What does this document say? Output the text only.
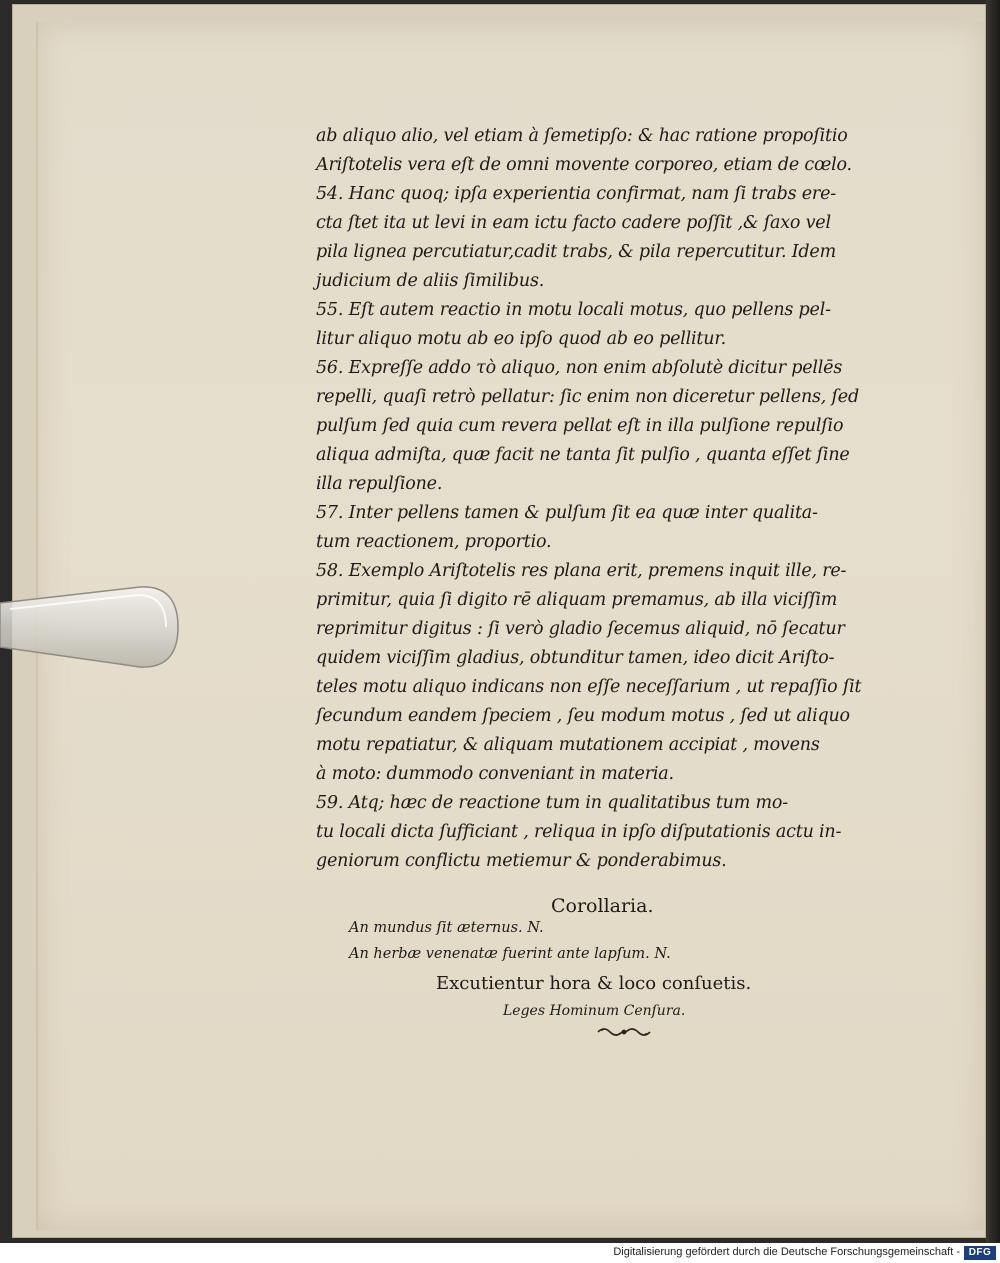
ab aliquo alio, vel etiam à ſemetipſo: & hac ratione propoſitio
Ariſtotelis vera eſt de omni movente corporeo, etiam de cœlo.
54. Hanc quoq; ipſa experientia confirmat, nam ſi trabs ere-
cta ſtet ita ut levi in eam ictu facto cadere poſſit ,& ſaxo vel
pila lignea percutiatur,cadit trabs, & pila repercutitur. Idem
judicium de aliis ſimilibus.
55. Eſt autem reactio in motu locali motus, quo pellens pel-
litur aliquo motu ab eo ipſo quod ab eo pellitur.
56. Expreſſe addo τὸ aliquo, non enim abſolutè dicitur pellēs
repelli, quaſi retrò pellatur: ſic enim non diceretur pellens, ſed
pulſum ſed quia cum revera pellat eſt in illa pulſione repulſio
aliqua admiſta, quæ facit ne tanta ſit pulſio , quanta eſſet ſine
illa repulſione.
57. Inter pellens tamen & pulſum ſit ea quæ inter qualita-
tum reactionem, proportio.
58. Exemplo Ariſtotelis res plana erit, premens inquit ille, re-
primitur, quia ſi digito rē aliquam premamus, ab illa viciſſim
reprimitur digitus : ſi verò gladio ſecemus aliquid, nō ſecatur
quidem viciſſim gladius, obtunditur tamen, ideo dicit Ariſto-
teles motu aliquo indicans non eſſe neceſſarium , ut repaſſio ſit
ſecundum eandem ſpeciem , ſeu modum motus , ſed ut aliquo
motu repatiatur, & aliquam mutationem accipiat , movens
à moto: dummodo conveniant in materia.
59. Atq; hæc de reactione tum in qualitatibus tum mo-
tu locali dicta ſufficiant , reliqua in ipſo diſputationis actu in-
geniorum conflictu metiemur & ponderabimus.
Corollaria.
An mundus ſit æternus. N.
An herbæ venenatæ fuerint ante lapſum. N.
Excutientur hora & loco conſuetis.
Leges Hominum Cenſura.
Digitalisierung gefördert durch die Deutsche Forschungsgemeinschaft - DFG
